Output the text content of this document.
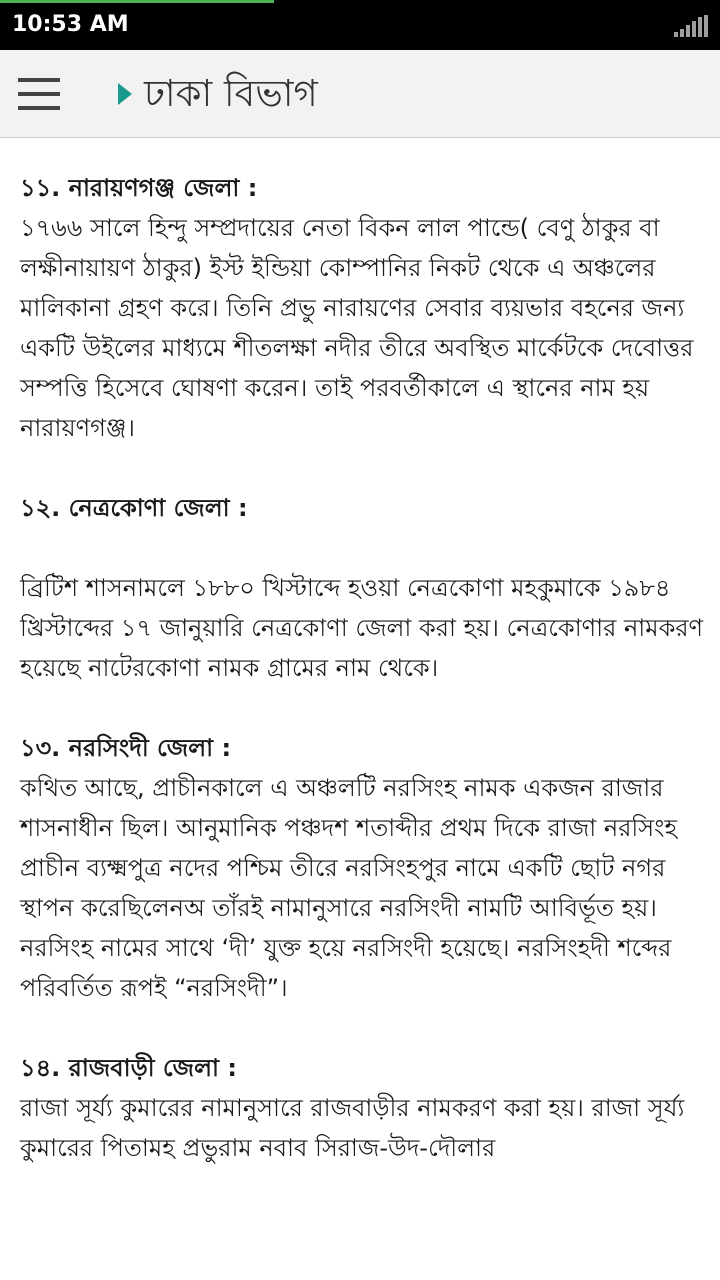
10:53 AM
ঢাকা বিভাগ

১১. নারায়ণগঞ্জ জেলা :

১৭৬৬ সালে হিন্দু সম্প্রদায়ের নেতা বিকন লাল পান্ডে( বেণু ঠাকুর বা লক্ষীনায়ায়ণ ঠাকুর) ইস্ট ইন্ডিয়া কোম্পানির নিকট থেকে এ অঞ্চলের মালিকানা গ্রহণ করে। তিনি প্রভু নারায়ণের সেবার ব্যয়ভার বহনের জন্য একটি উইলের মাধ্যমে শীতলক্ষা নদীর তীরে অবস্থিত মার্কেটকে দেবোত্তর সম্পত্তি হিসেবে ঘোষণা করেন। তাই পরবর্তীকালে এ স্থানের নাম হয় নারায়ণগঞ্জ।

১২. নেত্রকোণা জেলা :

ব্রিটিশ শাসনামলে ১৮৮০ খিস্টাব্দে হওয়া নেত্রকোণা মহকুমাকে ১৯৮৪ খ্রিস্টাব্দের ১৭ জানুয়ারি নেত্রকোণা জেলা করা হয়। নেত্রকোণার নামকরণ হয়েছে নাটেরকোণা নামক গ্রামের নাম থেকে।

১৩. নরসিংদী জেলা :

কথিত আছে, প্রাচীনকালে এ অঞ্চলটি নরসিংহ নামক একজন রাজার শাসনাধীন ছিল। আনুমানিক পঞ্চদশ শতাব্দীর প্রথম দিকে রাজা নরসিংহ প্রাচীন ব্যক্ষ্মপুত্র নদের পশ্চিম তীরে নরসিংহপুর নামে একটি ছোট নগর স্থাপন করেছিলেনঅ তাঁরই নামানুসারে নরসিংদী নামটি আবির্ভূত হয়। নরসিংহ নামের সাথে ‘দী’ যুক্ত হয়ে নরসিংদী হয়েছে। নরসিংহদী শব্দের পরিবর্তিত রূপই “নরসিংদী”।

১৪. রাজবাড়ী জেলা :

রাজা সূর্য্য কুমারের নামানুসারে রাজবাড়ীর নামকরণ করা হয়। রাজা সূর্য্য কুমারের পিতামহ প্রভুরাম নবাব সিরাজ-উদ-দৌলার
